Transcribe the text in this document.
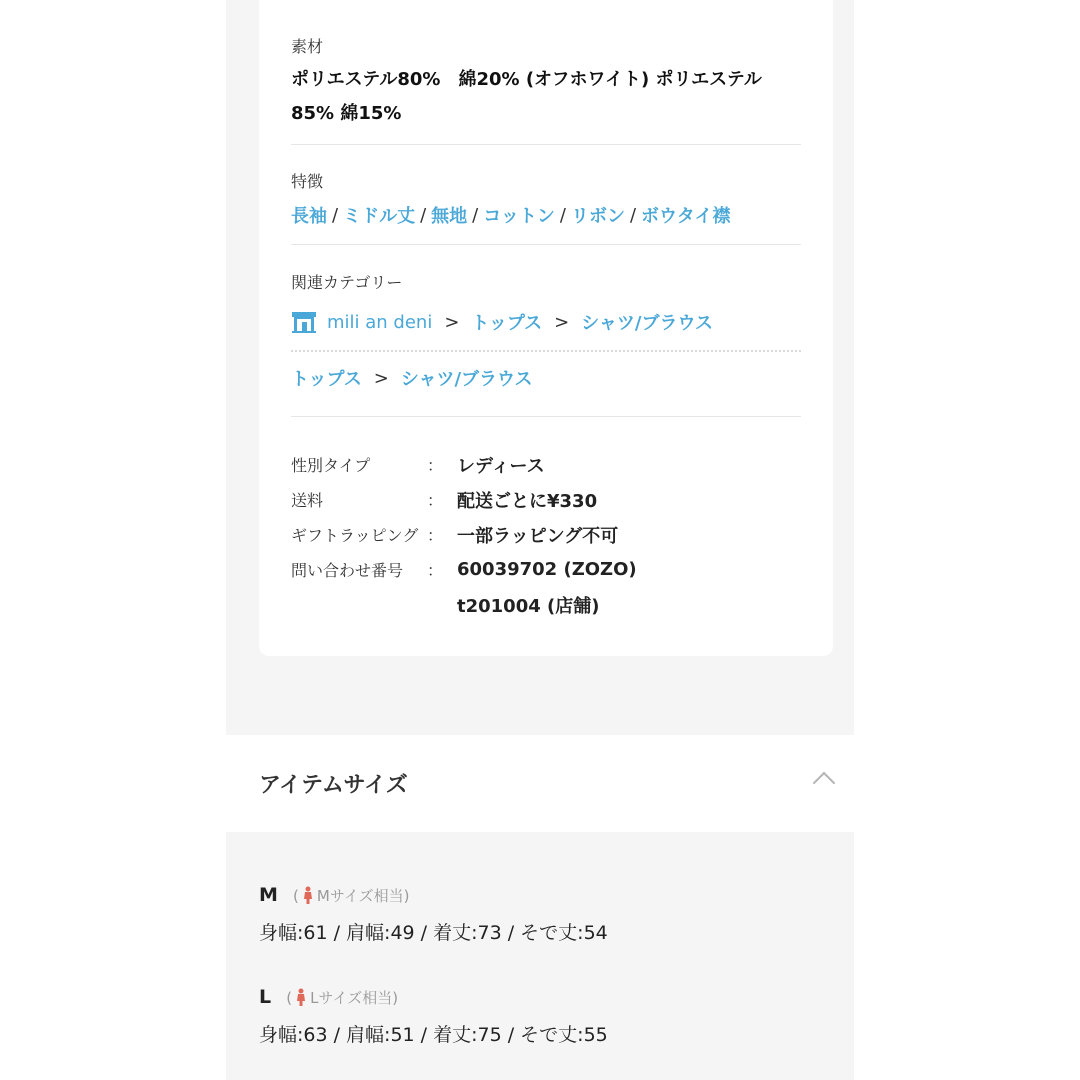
素材
ポリエステル80%　綿20% (オフホワイト) ポリエステル
85% 綿15%
特徴
長袖 / ミドル丈 / 無地 / コットン / リボン / ボウタイ襟
関連カテゴリー
mili an deni > トップス > シャツ/ブラウス
トップス > シャツ/ブラウス
性別タイプ	： レディース
送料	： 配送ごとに¥330
ギフトラッピング ： 一部ラッピング不可
問い合わせ番号	： 60039702 (ZOZO)
t201004 (店舗)
アイテムサイズ
M ( Mサイズ相当)
身幅:61 / 肩幅:49 / 着丈:73 / そで丈:54
L ( Lサイズ相当)
身幅:63 / 肩幅:51 / 着丈:75 / そで丈:55
